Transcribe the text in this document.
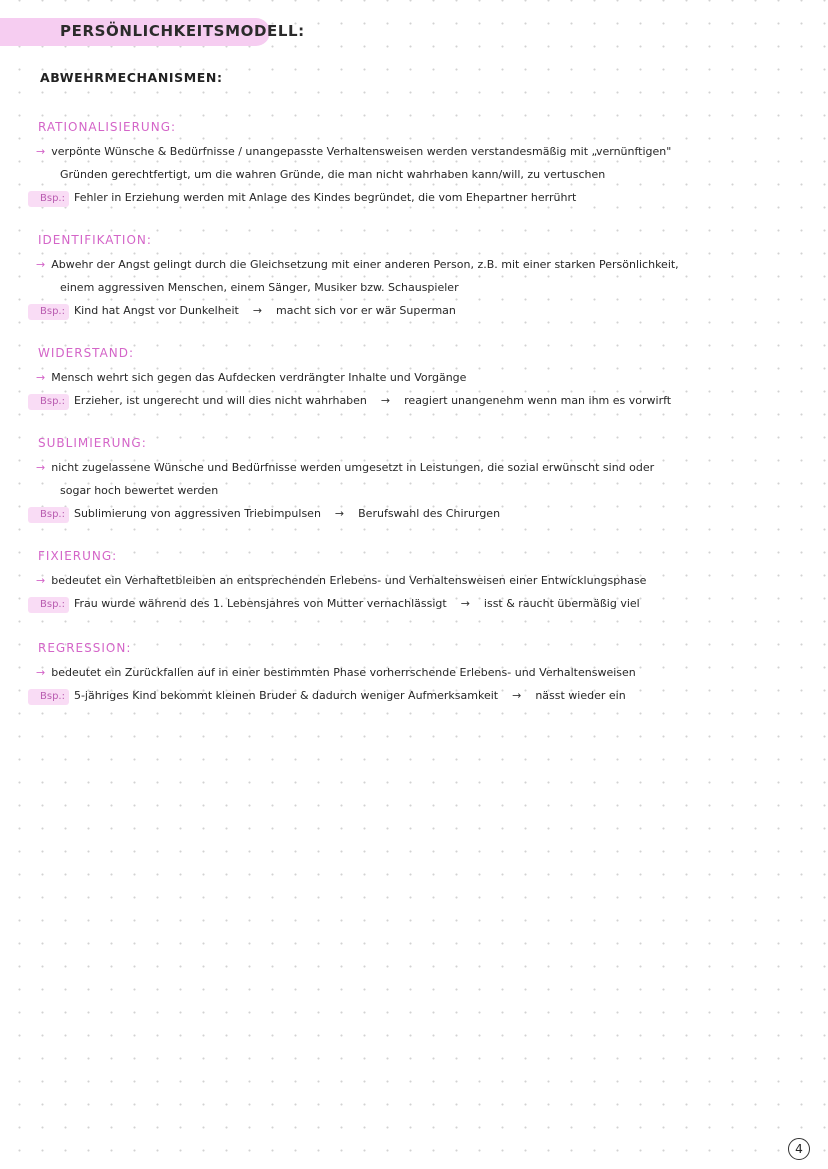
PERSÖNLICHKEITSMODELL:
ABWEHRMECHANISMEN:
RATIONALISIERUNG:
→ verpönte Wünsche & Bedürfnisse / unangepasste Verhaltensweisen werden verstandesmäßig mit „vernünftigen"
Gründen gerechtfertigt, um die wahren Gründe, die man nicht wahrhaben kann/will, zu vertuschen
Bsp.: Fehler in Erziehung werden mit Anlage des Kindes begründet, die vom Ehepartner herrührt
IDENTIFIKATION:
→ Abwehr der Angst gelingt durch die Gleichsetzung mit einer anderen Person, z.B. mit einer starken Persönlichkeit,
einem aggressiven Menschen, einem Sänger, Musiker bzw. Schauspieler
Bsp.: Kind hat Angst vor Dunkelheit → macht sich vor er wär Superman
WIDERSTAND:
→ Mensch wehrt sich gegen das Aufdecken verdrängter Inhalte und Vorgänge
Bsp.: Erzieher, ist ungerecht und will dies nicht wahrhaben → reagiert unangenehm wenn man ihm es vorwirft
SUBLIMIERUNG:
→ nicht zugelassene Wünsche und Bedürfnisse werden umgesetzt in Leistungen, die sozial erwünscht sind oder
sogar hoch bewertet werden
Bsp.: Sublimierung von aggressiven Triebimpulsen → Berufswahl des Chirurgen
FIXIERUNG:
→ bedeutet ein Verhaftetbleiben an entsprechenden Erlebens- und Verhaltensweisen einer Entwicklungsphase
Bsp.: Frau wurde während des 1. Lebensjahres von Mutter vernachlässigt → isst & raucht übermäßig viel
REGRESSION:
→ bedeutet ein Zurückfallen auf in einer bestimmten Phase vorherrschende Erlebens- und Verhaltensweisen
Bsp.: 5-jähriges Kind bekommt kleinen Bruder & dadurch weniger Aufmerksamkeit → nässt wieder ein
4
